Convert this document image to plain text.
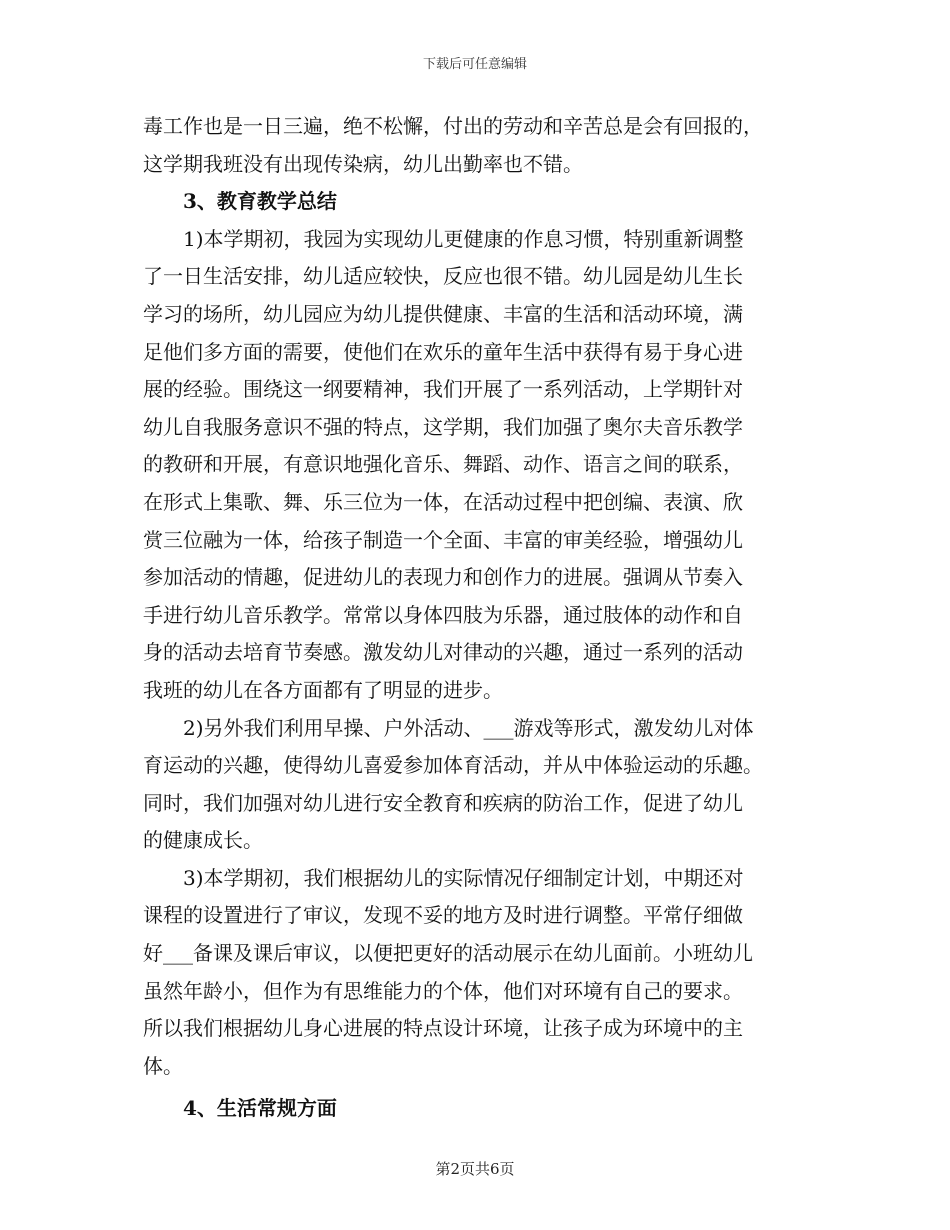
下载后可任意编辑
毒工作也是一日三遍，绝不松懈，付出的劳动和辛苦总是会有回报的，
这学期我班没有出现传染病，幼儿出勤率也不错。
3、教育教学总结
1)本学期初，我园为实现幼儿更健康的作息习惯，特别重新调整
了一日生活安排，幼儿适应较快，反应也很不错。幼儿园是幼儿生长
学习的场所，幼儿园应为幼儿提供健康、丰富的生活和活动环境，满
足他们多方面的需要，使他们在欢乐的童年生活中获得有易于身心进
展的经验。围绕这一纲要精神，我们开展了一系列活动，上学期针对
幼儿自我服务意识不强的特点，这学期，我们加强了奥尔夫音乐教学
的教研和开展，有意识地强化音乐、舞蹈、动作、语言之间的联系，
在形式上集歌、舞、乐三位为一体，在活动过程中把创编、表演、欣
赏三位融为一体，给孩子制造一个全面、丰富的审美经验，增强幼儿
参加活动的情趣，促进幼儿的表现力和创作力的进展。强调从节奏入
手进行幼儿音乐教学。常常以身体四肢为乐器，通过肢体的动作和自
身的活动去培育节奏感。激发幼儿对律动的兴趣，通过一系列的活动
我班的幼儿在各方面都有了明显的进步。
2)另外我们利用早操、户外活动、___游戏等形式，激发幼儿对体
育运动的兴趣，使得幼儿喜爱参加体育活动，并从中体验运动的乐趣。
同时，我们加强对幼儿进行安全教育和疾病的防治工作，促进了幼儿
的健康成长。
3)本学期初，我们根据幼儿的实际情况仔细制定计划，中期还对
课程的设置进行了审议，发现不妥的地方及时进行调整。平常仔细做
好___备课及课后审议，以便把更好的活动展示在幼儿面前。小班幼儿
虽然年龄小，但作为有思维能力的个体，他们对环境有自己的要求。
所以我们根据幼儿身心进展的特点设计环境，让孩子成为环境中的主
体。
4、生活常规方面
第2页共6页
